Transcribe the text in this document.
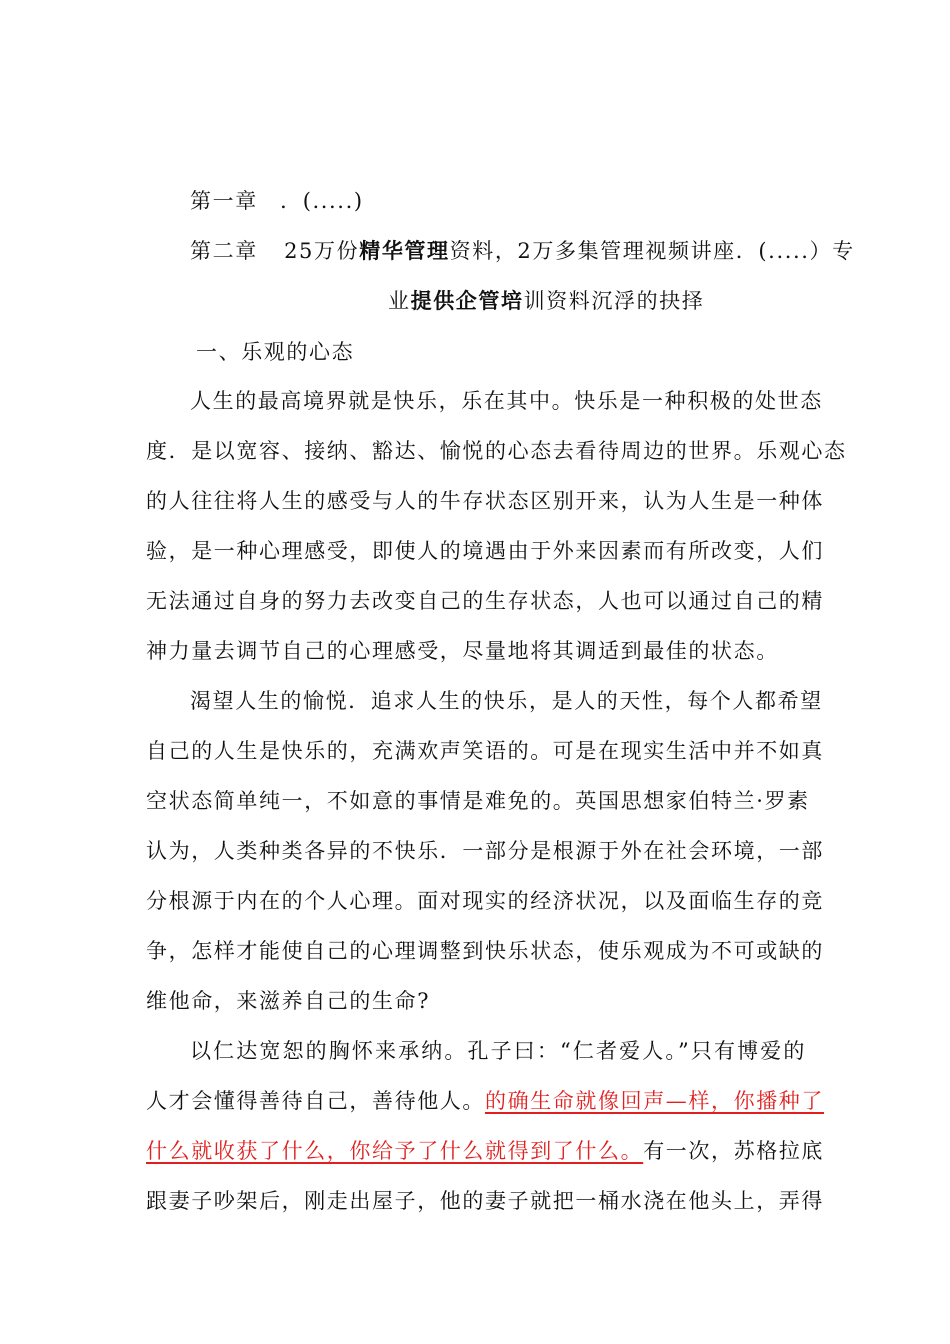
第一章 ．(.....)
第二章 25万份精华管理资料，2万多集管理视频讲座．(.....）专
业提供企管培训资料沉浮的抉择
一、乐观的心态
人生的最高境界就是快乐，乐在其中。快乐是一种积极的处世态
度．是以宽容、接纳、豁达、愉悦的心态去看待周边的世界。乐观心态
的人往往将人生的感受与人的牛存状态区别开来，认为人生是一种体
验，是一种心理感受，即使人的境遇由于外来因素而有所改变，人们
无法通过自身的努力去改变自己的生存状态，人也可以通过自己的精
神力量去调节自己的心理感受，尽量地将其调适到最佳的状态。
渴望人生的愉悦．追求人生的快乐，是人的天性，每个人都希望
自己的人生是快乐的，充满欢声笑语的。可是在现实生活中并不如真
空状态简单纯一，不如意的事情是难免的。英国思想家伯特兰·罗素
认为，人类种类各异的不快乐．一部分是根源于外在社会环境，一部
分根源于内在的个人心理。面对现实的经济状况，以及面临生存的竞
争，怎样才能使自己的心理调整到快乐状态，使乐观成为不可或缺的
维他命，来滋养自己的生命?
以仁达宽恕的胸怀来承纳。孔子曰：“仁者爱人。”只有博爱的
人才会懂得善待自己，善待他人。的确生命就像回声—样，你播种了
什么就收获了什么，你给予了什么就得到了什么。有一次，苏格拉底
跟妻子吵架后，刚走出屋子，他的妻子就把一桶水浇在他头上，弄得
